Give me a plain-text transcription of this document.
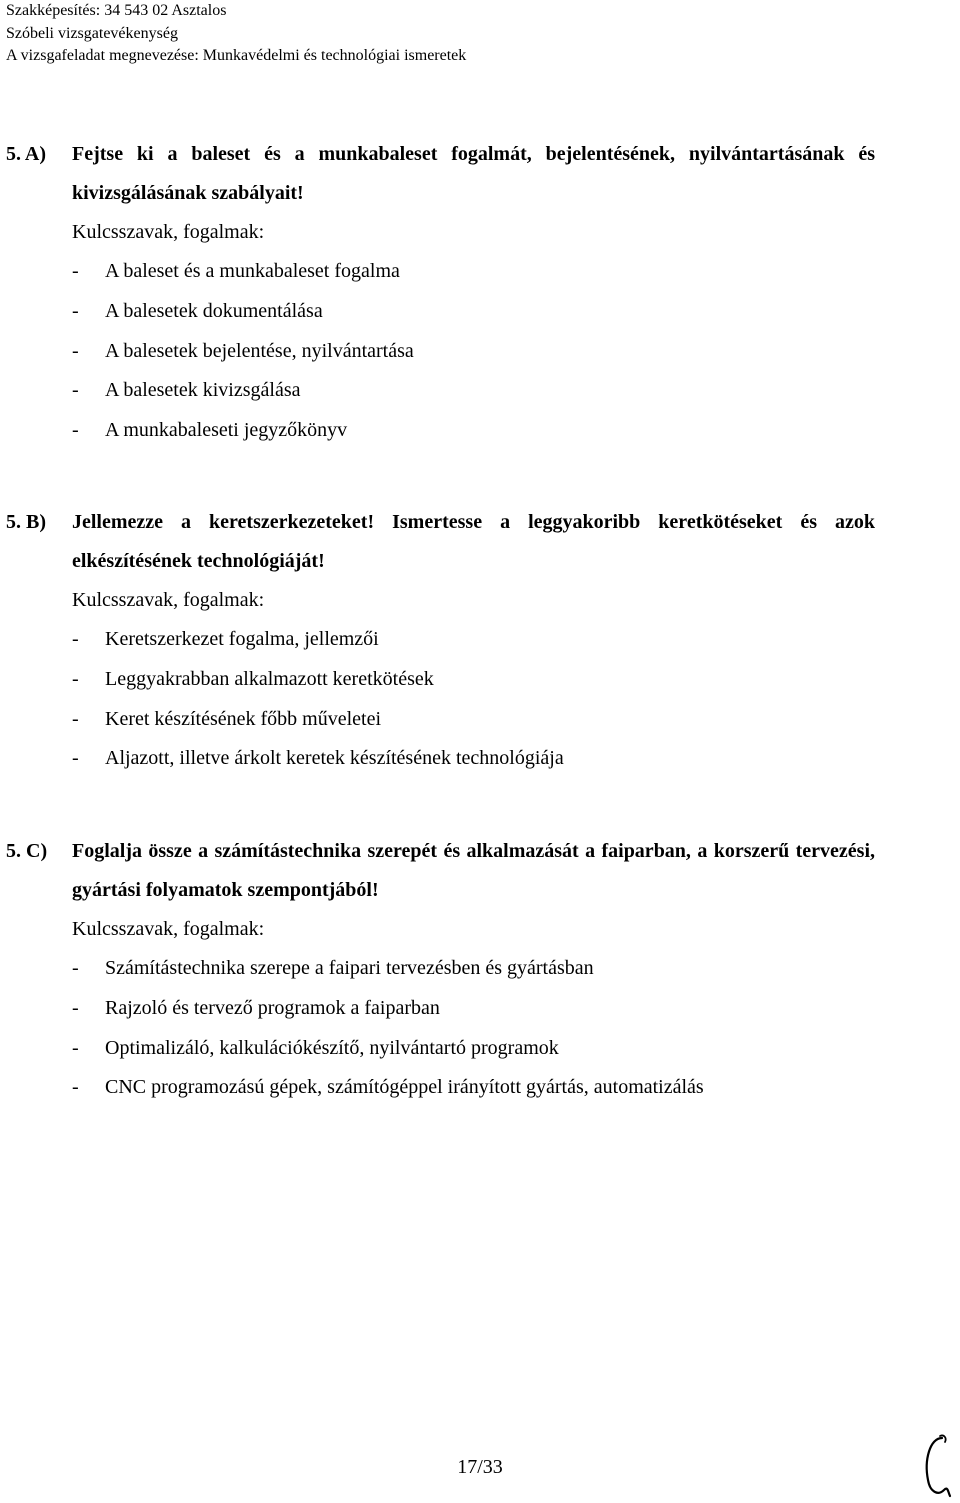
Szakképesítés: 34 543 02 Asztalos
Szóbeli vizsgatevékenység
A vizsgafeladat megnevezése: Munkavédelmi és technológiai ismeretek
5. A) Fejtse ki a baleset és a munkabaleset fogalmát, bejelentésének, nyilvántartásának és kivizsgálásának szabályait!
Kulcsszavak, fogalmak:
- A baleset és a munkabaleset fogalma
- A balesetek dokumentálása
- A balesetek bejelentése, nyilvántartása
- A balesetek kivizsgálása
- A munkabaleseti jegyzőkönyv
5. B) Jellemezze a keretszerkezeteket! Ismertesse a leggyakoribb keretkötéseket és azok elkészítésének technológiáját!
Kulcsszavak, fogalmak:
- Keretszerkezet fogalma, jellemzői
- Leggyakrabban alkalmazott keretkötések
- Keret készítésének főbb műveletei
- Aljazott, illetve árkolt keretek készítésének technológiája
5. C) Foglalja össze a számítástechnika szerepét és alkalmazását a faiparban, a korszerű tervezési, gyártási folyamatok szempontjából!
Kulcsszavak, fogalmak:
- Számítástechnika szerepe a faipari tervezésben és gyártásban
- Rajzoló és tervező programok a faiparban
- Optimalizáló, kalkulációkészítő, nyilvántartó programok
- CNC programozású gépek, számítógéppel irányított gyártás, automatizálás
17/33
